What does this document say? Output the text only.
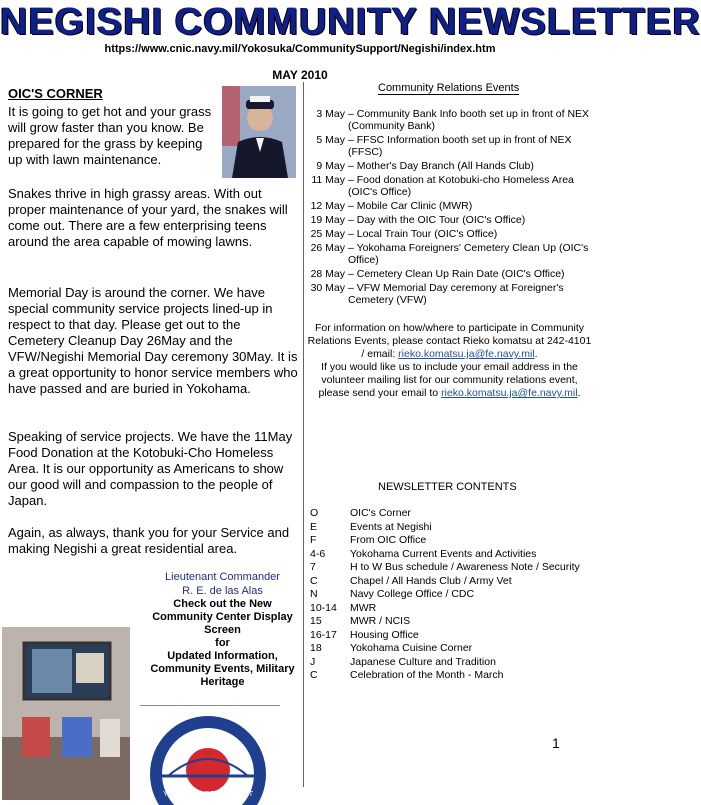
NEGISHI COMMUNITY NEWSLETTER
https://www.cnic.navy.mil/Yokosuka/CommunitySupport/Negishi/index.htm
MAY 2010
OIC'S CORNER
It is going to get hot and your grass will grow faster than you know. Be prepared for the grass by keeping up with lawn maintenance.
Snakes thrive in high grassy areas. With out proper maintenance of your yard, the snakes will come out. There are a few enterprising teens around the area capable of mowing lawns.
Memorial Day is around the corner. We have special community service projects lined-up in respect to that day. Please get out to the Cemetery Cleanup Day 26May and the VFW/Negishi Memorial Day ceremony 30May. It is a great opportunity to honor service members who have passed and are buried in Yokohama.
Speaking of service projects. We have the 11May Food Donation at the Kotobuki-Cho Homeless Area. It is our opportunity as Americans to show our good will and compassion to the people of Japan.
Again, as always, thank you for your Service and making Negishi a great residential area.
Lieutenant Commander
R. E. de las Alas
Check out the New
Community Center Display
Screen
for
Updated Information,
Community Events, Military
Heritage
YOKOHAMA DETACHMENT
Community Relations Events
3 May – Community Bank Info booth set up in front of NEX (Community Bank)
5 May – FFSC Information booth set up in front of NEX (FFSC)
9 May – Mother's Day Branch (All Hands Club)
11 May – Food donation at Kotobuki-cho Homeless Area (OIC's Office)
12 May – Mobile Car Clinic (MWR)
19 May – Day with the OIC Tour (OIC's Office)
25 May – Local Train Tour (OIC's Office)
26 May – Yokohama Foreigners' Cemetery Clean Up (OIC's Office)
28 May – Cemetery Clean Up Rain Date (OIC's Office)
30 May – VFW Memorial Day ceremony at Foreigner's Cemetery (VFW)
For information on how/where to participate in Community Relations Events, please contact Rieko komatsu at 242-4101 / email: rieko.komatsu.ja@fe.navy.mil.
If you would like us to include your email address in the volunteer mailing list for our community relations event, please send your email to rieko.komatsu.ja@fe.navy.mil.
NEWSLETTER CONTENTS
O	OIC's Corner
E	Events at Negishi
F	From OIC Office
4-6	Yokohama Current Events and Activities
7	H to W Bus schedule / Awareness Note / Security
C	Chapel / All Hands Club / Army Vet
N	Navy College Office / CDC
10-14	MWR
15	MWR / NCIS
16-17	Housing Office
18	Yokohama Cuisine Corner
J	Japanese Culture and Tradition
C	Celebration of the Month - March
1
